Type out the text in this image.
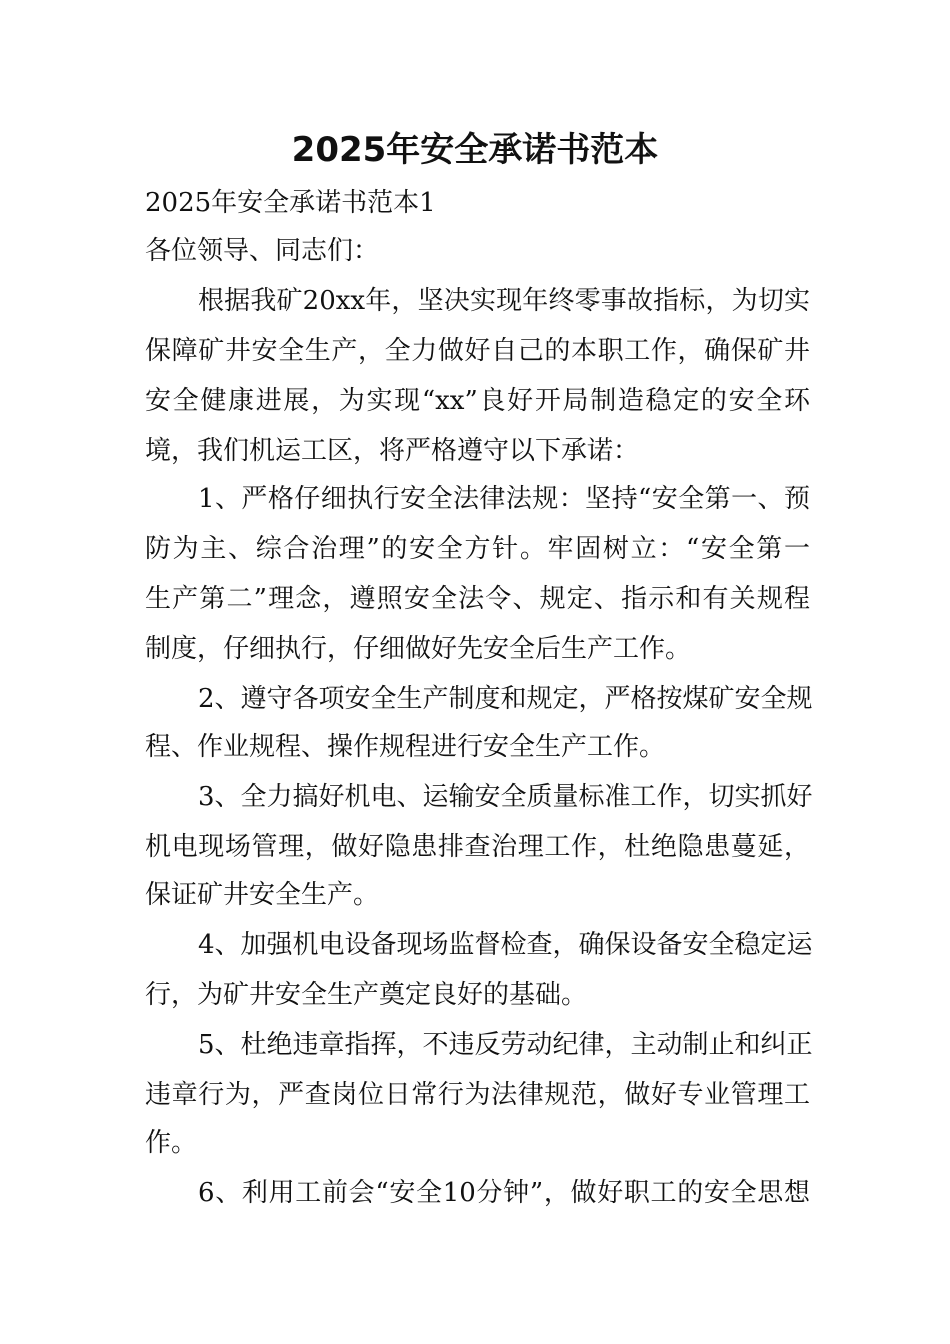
2025年安全承诺书范本
2025年安全承诺书范本1
各位领导、同志们：
根据我矿20xx年，坚决实现年终零事故指标，为切实
保障矿井安全生产，全力做好自己的本职工作，确保矿井
安全健康进展，为实现“xx”良好开局制造稳定的安全环
境，我们机运工区，将严格遵守以下承诺：
1、严格仔细执行安全法律法规：坚持“安全第一、预
防为主、综合治理”的安全方针。牢固树立：“安全第一
生产第二”理念，遵照安全法令、规定、指示和有关规程
制度，仔细执行，仔细做好先安全后生产工作。
2、遵守各项安全生产制度和规定，严格按煤矿安全规
程、作业规程、操作规程进行安全生产工作。
3、全力搞好机电、运输安全质量标准工作，切实抓好
机电现场管理，做好隐患排查治理工作，杜绝隐患蔓延，
保证矿井安全生产。
4、加强机电设备现场监督检查，确保设备安全稳定运
行，为矿井安全生产奠定良好的基础。
5、杜绝违章指挥，不违反劳动纪律，主动制止和纠正
违章行为，严查岗位日常行为法律规范，做好专业管理工
作。
6、利用工前会“安全10分钟”，做好职工的安全思想
